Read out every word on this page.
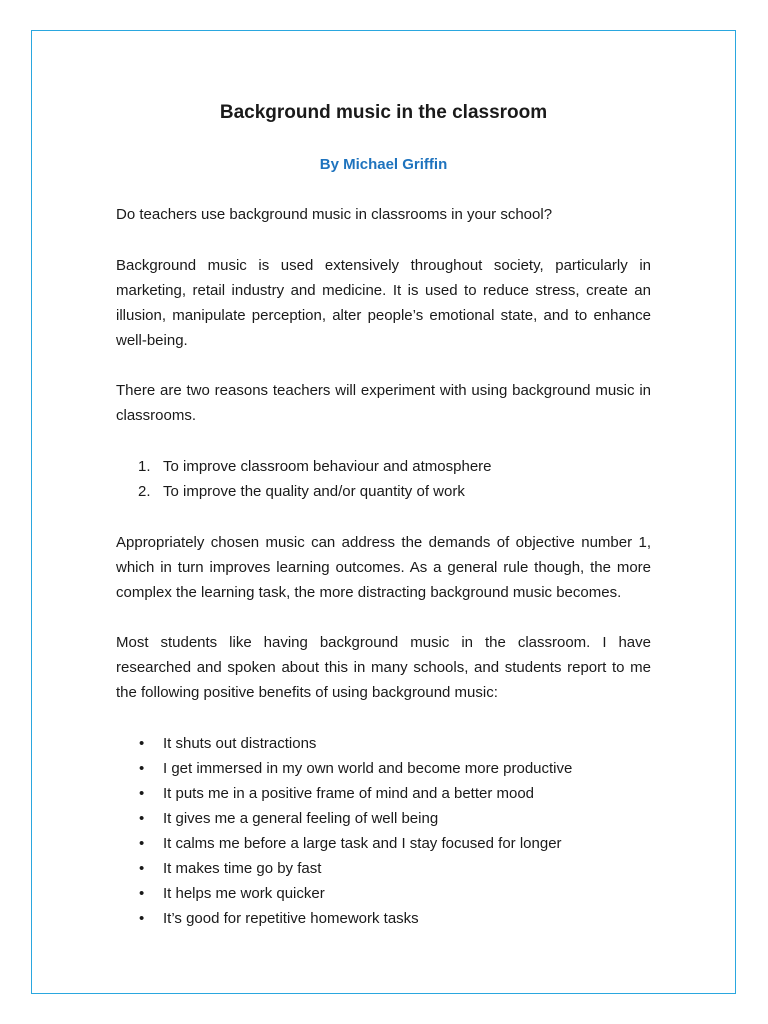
Background music in the classroom

By Michael Griffin

Do teachers use background music in classrooms in your school?

Background music is used extensively throughout society, particularly in marketing, retail industry and medicine. It is used to reduce stress, create an illusion, manipulate perception, alter people’s emotional state, and to enhance well-being.

There are two reasons teachers will experiment with using background music in classrooms.

1. To improve classroom behaviour and atmosphere
2. To improve the quality and/or quantity of work

Appropriately chosen music can address the demands of objective number 1, which in turn improves learning outcomes. As a general rule though, the more complex the learning task, the more distracting background music becomes.

Most students like having background music in the classroom. I have researched and spoken about this in many schools, and students report to me the following positive benefits of using background music:

• It shuts out distractions
• I get immersed in my own world and become more productive
• It puts me in a positive frame of mind and a better mood
• It gives me a general feeling of well being
• It calms me before a large task and I stay focused for longer
• It makes time go by fast
• It helps me work quicker
• It’s good for repetitive homework tasks
